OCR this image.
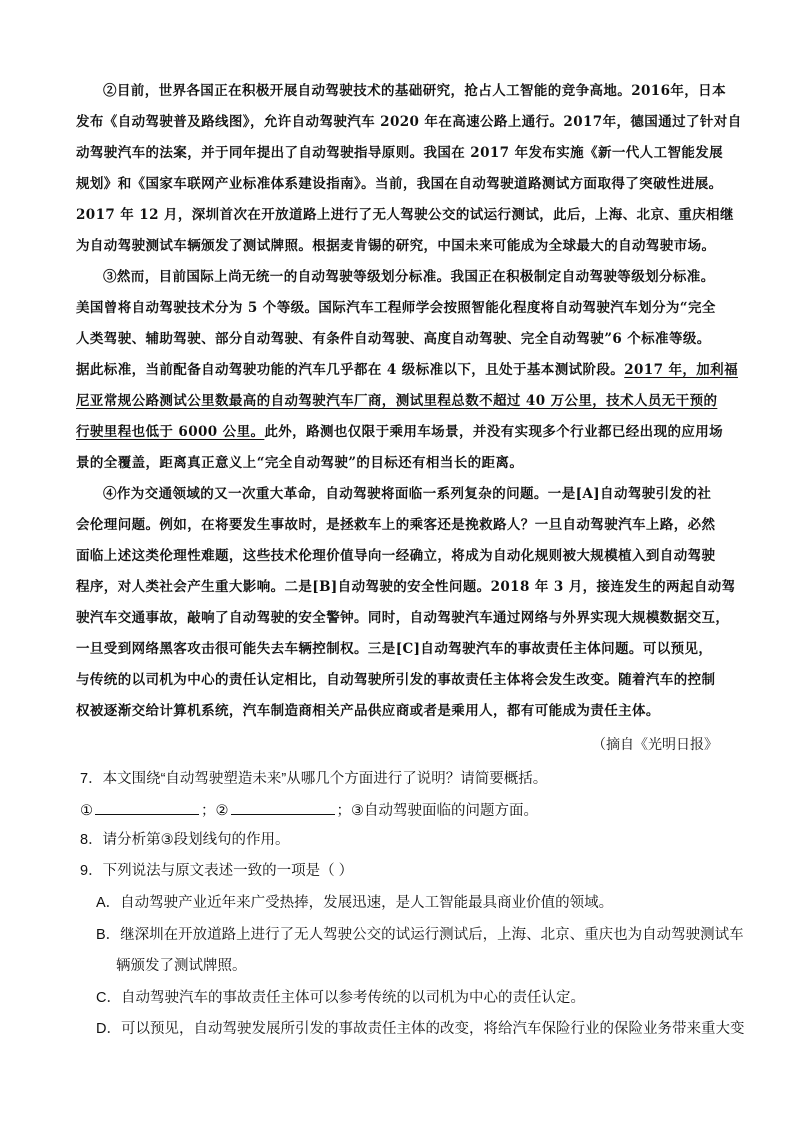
②目前，世界各国正在积极开展自动驾驶技术的基础研究，抢占人工智能的竞争高地。2016年，日本
发布《自动驾驶普及路线图》，允许自动驾驶汽车 2020 年在高速公路上通行。2017年，德国通过了针对自
动驾驶汽车的法案，并于同年提出了自动驾驶指导原则。我国在 2017 年发布实施《新一代人工智能发展
规划》和《国家车联网产业标准体系建设指南》。当前，我国在自动驾驶道路测试方面取得了突破性进展。
2017 年 12 月，深圳首次在开放道路上进行了无人驾驶公交的试运行测试，此后，上海、北京、重庆相继
为自动驾驶测试车辆颁发了测试牌照。根据麦肯锡的研究，中国未来可能成为全球最大的自动驾驶市场。
③然而，目前国际上尚无统一的自动驾驶等级划分标准。我国正在积极制定自动驾驶等级划分标准。
美国曾将自动驾驶技术分为 5 个等级。国际汽车工程师学会按照智能化程度将自动驾驶汽车划分为“完全
人类驾驶、辅助驾驶、部分自动驾驶、有条件自动驾驶、高度自动驾驶、完全自动驾驶”6 个标准等级。
据此标准，当前配备自动驾驶功能的汽车几乎都在 4 级标准以下，且处于基本测试阶段。2017 年，加利福
尼亚常规公路测试公里数最高的自动驾驶汽车厂商，测试里程总数不超过 40 万公里，技术人员无干预的
行驶里程也低于 6000 公里。此外，路测也仅限于乘用车场景，并没有实现多个行业都已经出现的应用场
景的全覆盖，距离真正意义上“完全自动驾驶”的目标还有相当长的距离。
④作为交通领域的又一次重大革命，自动驾驶将面临一系列复杂的问题。一是[A]自动驾驶引发的社
会伦理问题。例如，在将要发生事故时，是拯救车上的乘客还是挽救路人？一旦自动驾驶汽车上路，必然
面临上述这类伦理性难题，这些技术伦理价值导向一经确立，将成为自动化规则被大规模植入到自动驾驶
程序，对人类社会产生重大影响。二是[B]自动驾驶的安全性问题。2018 年 3 月，接连发生的两起自动驾
驶汽车交通事故，敲响了自动驾驶的安全警钟。同时，自动驾驶汽车通过网络与外界实现大规模数据交互，
一旦受到网络黑客攻击很可能失去车辆控制权。三是[C]自动驾驶汽车的事故责任主体问题。可以预见，
与传统的以司机为中心的责任认定相比，自动驾驶所引发的事故责任主体将会发生改变。随着汽车的控制
权被逐渐交给计算机系统，汽车制造商相关产品供应商或者是乘用人，都有可能成为责任主体。
（摘自《光明日报》
7．本文围绕“自动驾驶塑造未来”从哪几个方面进行了说明？请简要概括。
①	；②	；③自动驾驶面临的问题方面。
8．请分析第③段划线句的作用。
9．下列说法与原文表述一致的一项是（ ）
A．自动驾驶产业近年来广受热捧，发展迅速，是人工智能最具商业价值的领域。
B．继深圳在开放道路上进行了无人驾驶公交的试运行测试后，上海、北京、重庆也为自动驾驶测试车
辆颁发了测试牌照。
C．自动驾驶汽车的事故责任主体可以参考传统的以司机为中心的责任认定。
D．可以预见，自动驾驶发展所引发的事故责任主体的改变，将给汽车保险行业的保险业务带来重大变
